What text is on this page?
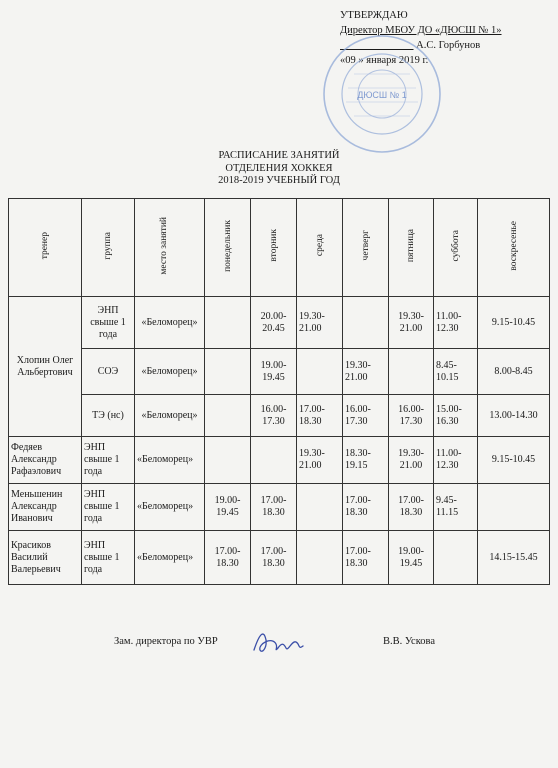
УТВЕРЖДАЮ
Директор МБОУ ДО «ДЮСШ № 1»
А.С. Горбунов
«09 » января 2019 г.
ДЮСШ № 1
РАСПИСАНИЕ ЗАНЯТИЙ
ОТДЕЛЕНИЯ ХОККЕЯ
2018-2019 УЧЕБНЫЙ ГОД
тренер	группа	место занятий	понедельник	вторник	среда	четверг	пятница	суббота	воскресенье
Хлопин Олег Альбертович	ЭНП свыше 1 года	«Беломорец»		20.00-20.45	19.30-21.00		19.30-21.00	11.00-12.30	9.15-10.45
	СОЭ	«Беломорец»		19.00-19.45		19.30-21.00		8.45-10.15	8.00-8.45
	ТЭ (нс)	«Беломорец»		16.00-17.30	17.00-18.30	16.00-17.30	16.00-17.30	15.00-16.30	13.00-14.30
Федяев Александр Рафаэлович	ЭНП свыше 1 года	«Беломорец»			19.30-21.00	18.30-19.15	19.30-21.00	11.00-12.30	9.15-10.45
Меньшенин Александр Иванович	ЭНП свыше 1 года	«Беломорец»	19.00-19.45	17.00-18.30		17.00-18.30	17.00-18.30	9.45-11.15	
Красиков Василий Валерьевич	ЭНП свыше 1 года	«Беломорец»	17.00-18.30	17.00-18.30		17.00-18.30	19.00-19.45		14.15-15.45
Зам. директора по УВР	В.В. Ускова
